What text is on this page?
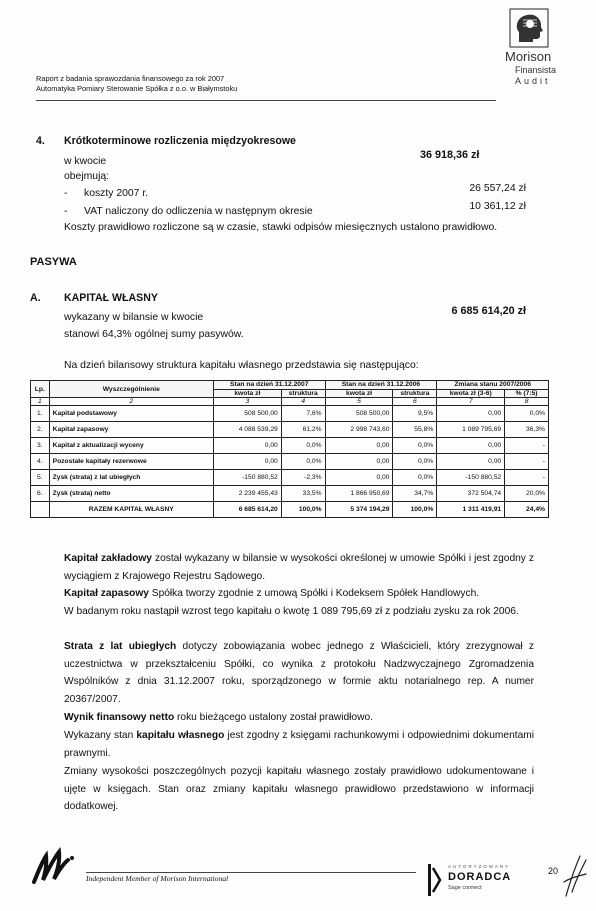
Raport z badania sprawozdania finansowego za rok 2007
Automatyka Pomiary Sterowanie Spółka z o.o. w Białymstoku
Morison
Finansista
Audit
4. Krótkoterminowe rozliczenia międzyokresowe
w kwocie
36 918,36 zł
obejmują:
- koszty 2007 r.	26 557,24 zł
- VAT naliczony do odliczenia w następnym okresie	10 361,12 zł
Koszty prawidłowo rozliczone są w czasie, stawki odpisów miesięcznych ustalono prawidłowo.
PASYWA
A. KAPITAŁ WŁASNY
wykazany w bilansie w kwocie
6 685 614,20 zł
stanowi 64,3% ogólnej sumy pasywów.
Na dzień bilansowy struktura kapitału własnego przedstawia się następująco:
Lp.	Wyszczególnienie	Stan na dzień 31.12.2007		Stan na dzień 31.12.2006		Zmiana stanu 2007/2006	
		kwota zł	struktura	kwota zł	struktura	kwota zł (3-6)	% (7:5)
1	2	3	4	5	6	7	8
1.	Kapitał podstawowy	508 500,00	7,6%	508 500,00	9,5%	0,00	0,0%
2.	Kapitał zapasowy	4 088 539,29	61,2%	2 998 743,60	55,8%	1 089 795,69	36,3%
3.	Kapitał z aktualizacji wyceny	0,00	0,0%	0,00	0,0%	0,00	-
4.	Pozostałe kapitały rezerwowe	0,00	0,0%	0,00	0,0%	0,00	-
5.	Zysk (strata) z lat ubiegłych	-150 880,52	-2,3%	0,00	0,0%	-150 880,52	-
6.	Zysk (strata) netto	2 239 455,43	33,5%	1 866 950,69	34,7%	372 504,74	20,0%
	RAZEM KAPITAŁ WŁASNY	6 685 614,20	100,0%	5 374 194,29	100,0%	1 311 419,91	24,4%
Kapitał zakładowy został wykazany w bilansie w wysokości określonej w umowie Spółki i jest zgodny z wyciągiem z Krajowego Rejestru Sądowego.
Kapitał zapasowy Spółka tworzy zgodnie z umową Spółki i Kodeksem Spółek Handlowych.
W badanym roku nastąpił wzrost tego kapitału o kwotę 1 089 795,69 zł z podziału zysku za rok 2006.
Strata z lat ubiegłych dotyczy zobowiązania wobec jednego z Właścicieli, który zrezygnował z uczestnictwa w przekształceniu Spółki, co wynika z protokołu Nadzwyczajnego Zgromadzenia Wspólników z dnia 31.12.2007 roku, sporządzonego w formie aktu notarialnego rep. A numer 20367/2007.
Wynik finansowy netto roku bieżącego ustalony został prawidłowo.
Wykazany stan kapitału własnego jest zgodny z księgami rachunkowymi i odpowiednimi dokumentami prawnymi.
Zmiany wysokości poszczególnych pozycji kapitału własnego zostały prawidłowo udokumentowane i ujęte w księgach. Stan oraz zmiany kapitału własnego prawidłowo przedstawiono w informacji dodatkowej.
Independent Member of Morison International
AUTORYZOWANY
DORADCA
Sage connect
20
